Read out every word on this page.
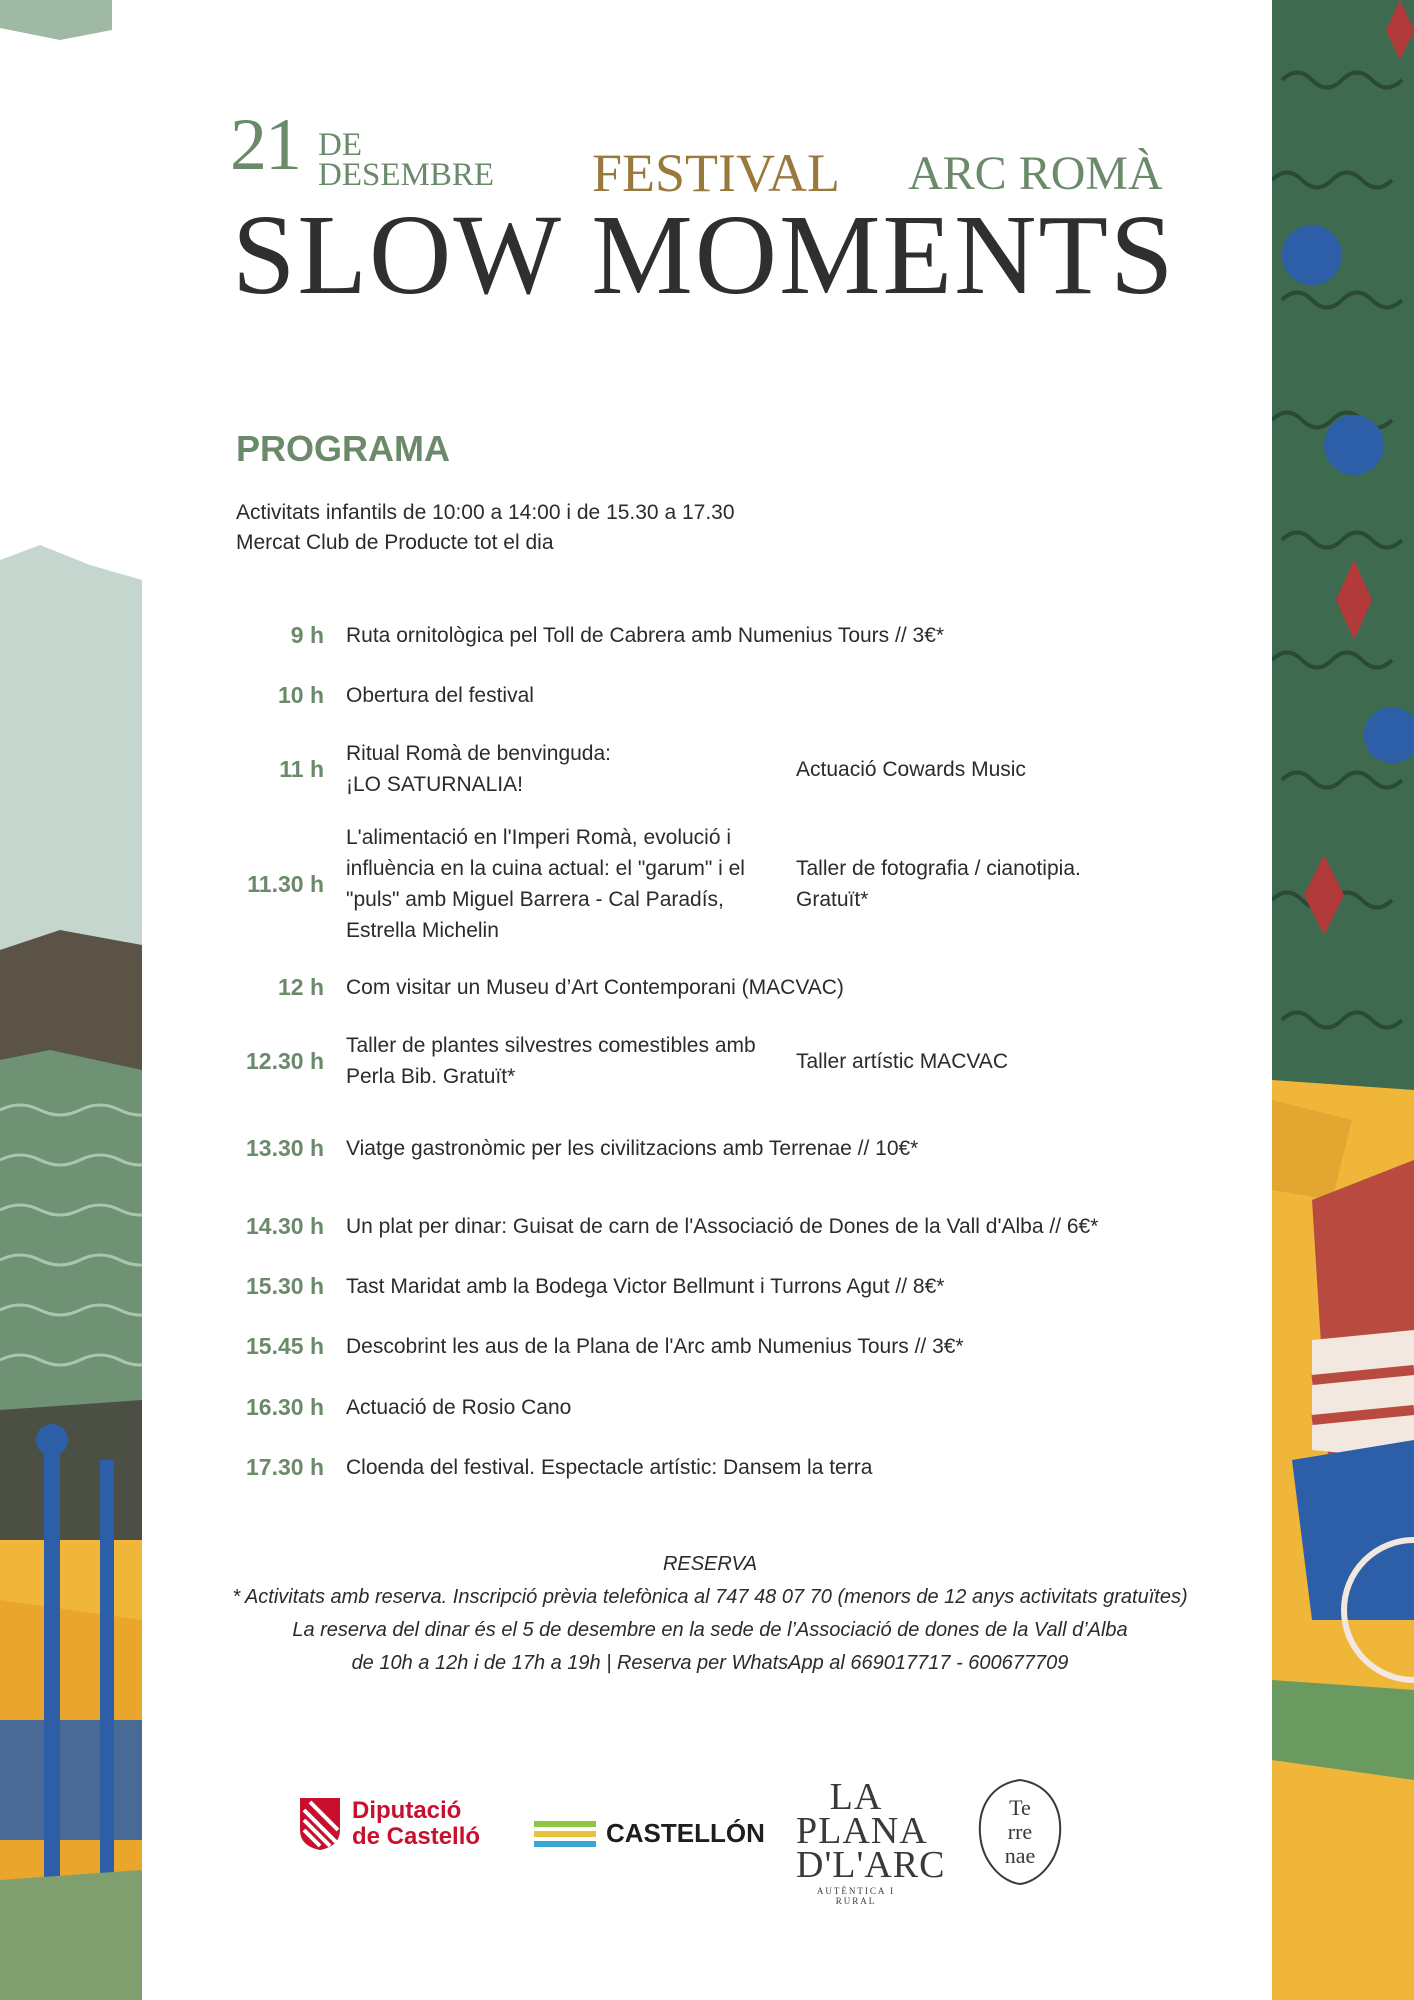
21 DE
DESEMBRE FESTIVAL ARC ROMÀ
SLOW MOMENTS
PROGRAMA
Activitats infantils de 10:00 a 14:00 i de 15.30 a 17.30
Mercat Club de Producte tot el dia
9 h Ruta ornitològica pel Toll de Cabrera amb Numenius Tours // 3€*
10 h Obertura del festival
11 h
Ritual Romà de benvinguda: ¡LO SATURNALIA!
Actuació Cowards Music
11.30 h
L'alimentació en l'Imperi Romà, evolució i influència en la cuina actual: el "garum" i el "puls" amb Miguel Barrera - Cal Paradís, Estrella Michelin
Taller de fotografia / cianotipia. Gratuït*
12 h Com visitar un Museu d’Art Contemporani (MACVAC)
12.30 h
Taller de plantes silvestres comestibles amb Perla Bib. Gratuït*
Taller artístic MACVAC
13.30 h Viatge gastronòmic per les civilitzacions amb Terrenae // 10€*
14.30 h Un plat per dinar: Guisat de carn de l'Associació de Dones de la Vall d'Alba // 6€*
15.30 h Tast Maridat amb la Bodega Victor Bellmunt i Turrons Agut // 8€*
15.45 h Descobrint les aus de la Plana de l'Arc amb Numenius Tours // 3€*
16.30 h Actuació de Rosio Cano
17.30 h Cloenda del festival. Espectacle artístic: Dansem la terra
RESERVA
* Activitats amb reserva. Inscripció prèvia telefònica al 747 48 07 70 (menors de 12 anys activitats gratuïtes)
La reserva del dinar és el 5 de desembre en la sede de l’Associació de dones de la Vall d’Alba
de 10h a 12h i de 17h a 19h | Reserva per WhatsApp al 669017717 - 600677709
Diputació
de Castelló	CASTELLÓN
LA
PLANA
D'L'ARC
AUTÈNTICA I RURAL
Te
rre
nae
